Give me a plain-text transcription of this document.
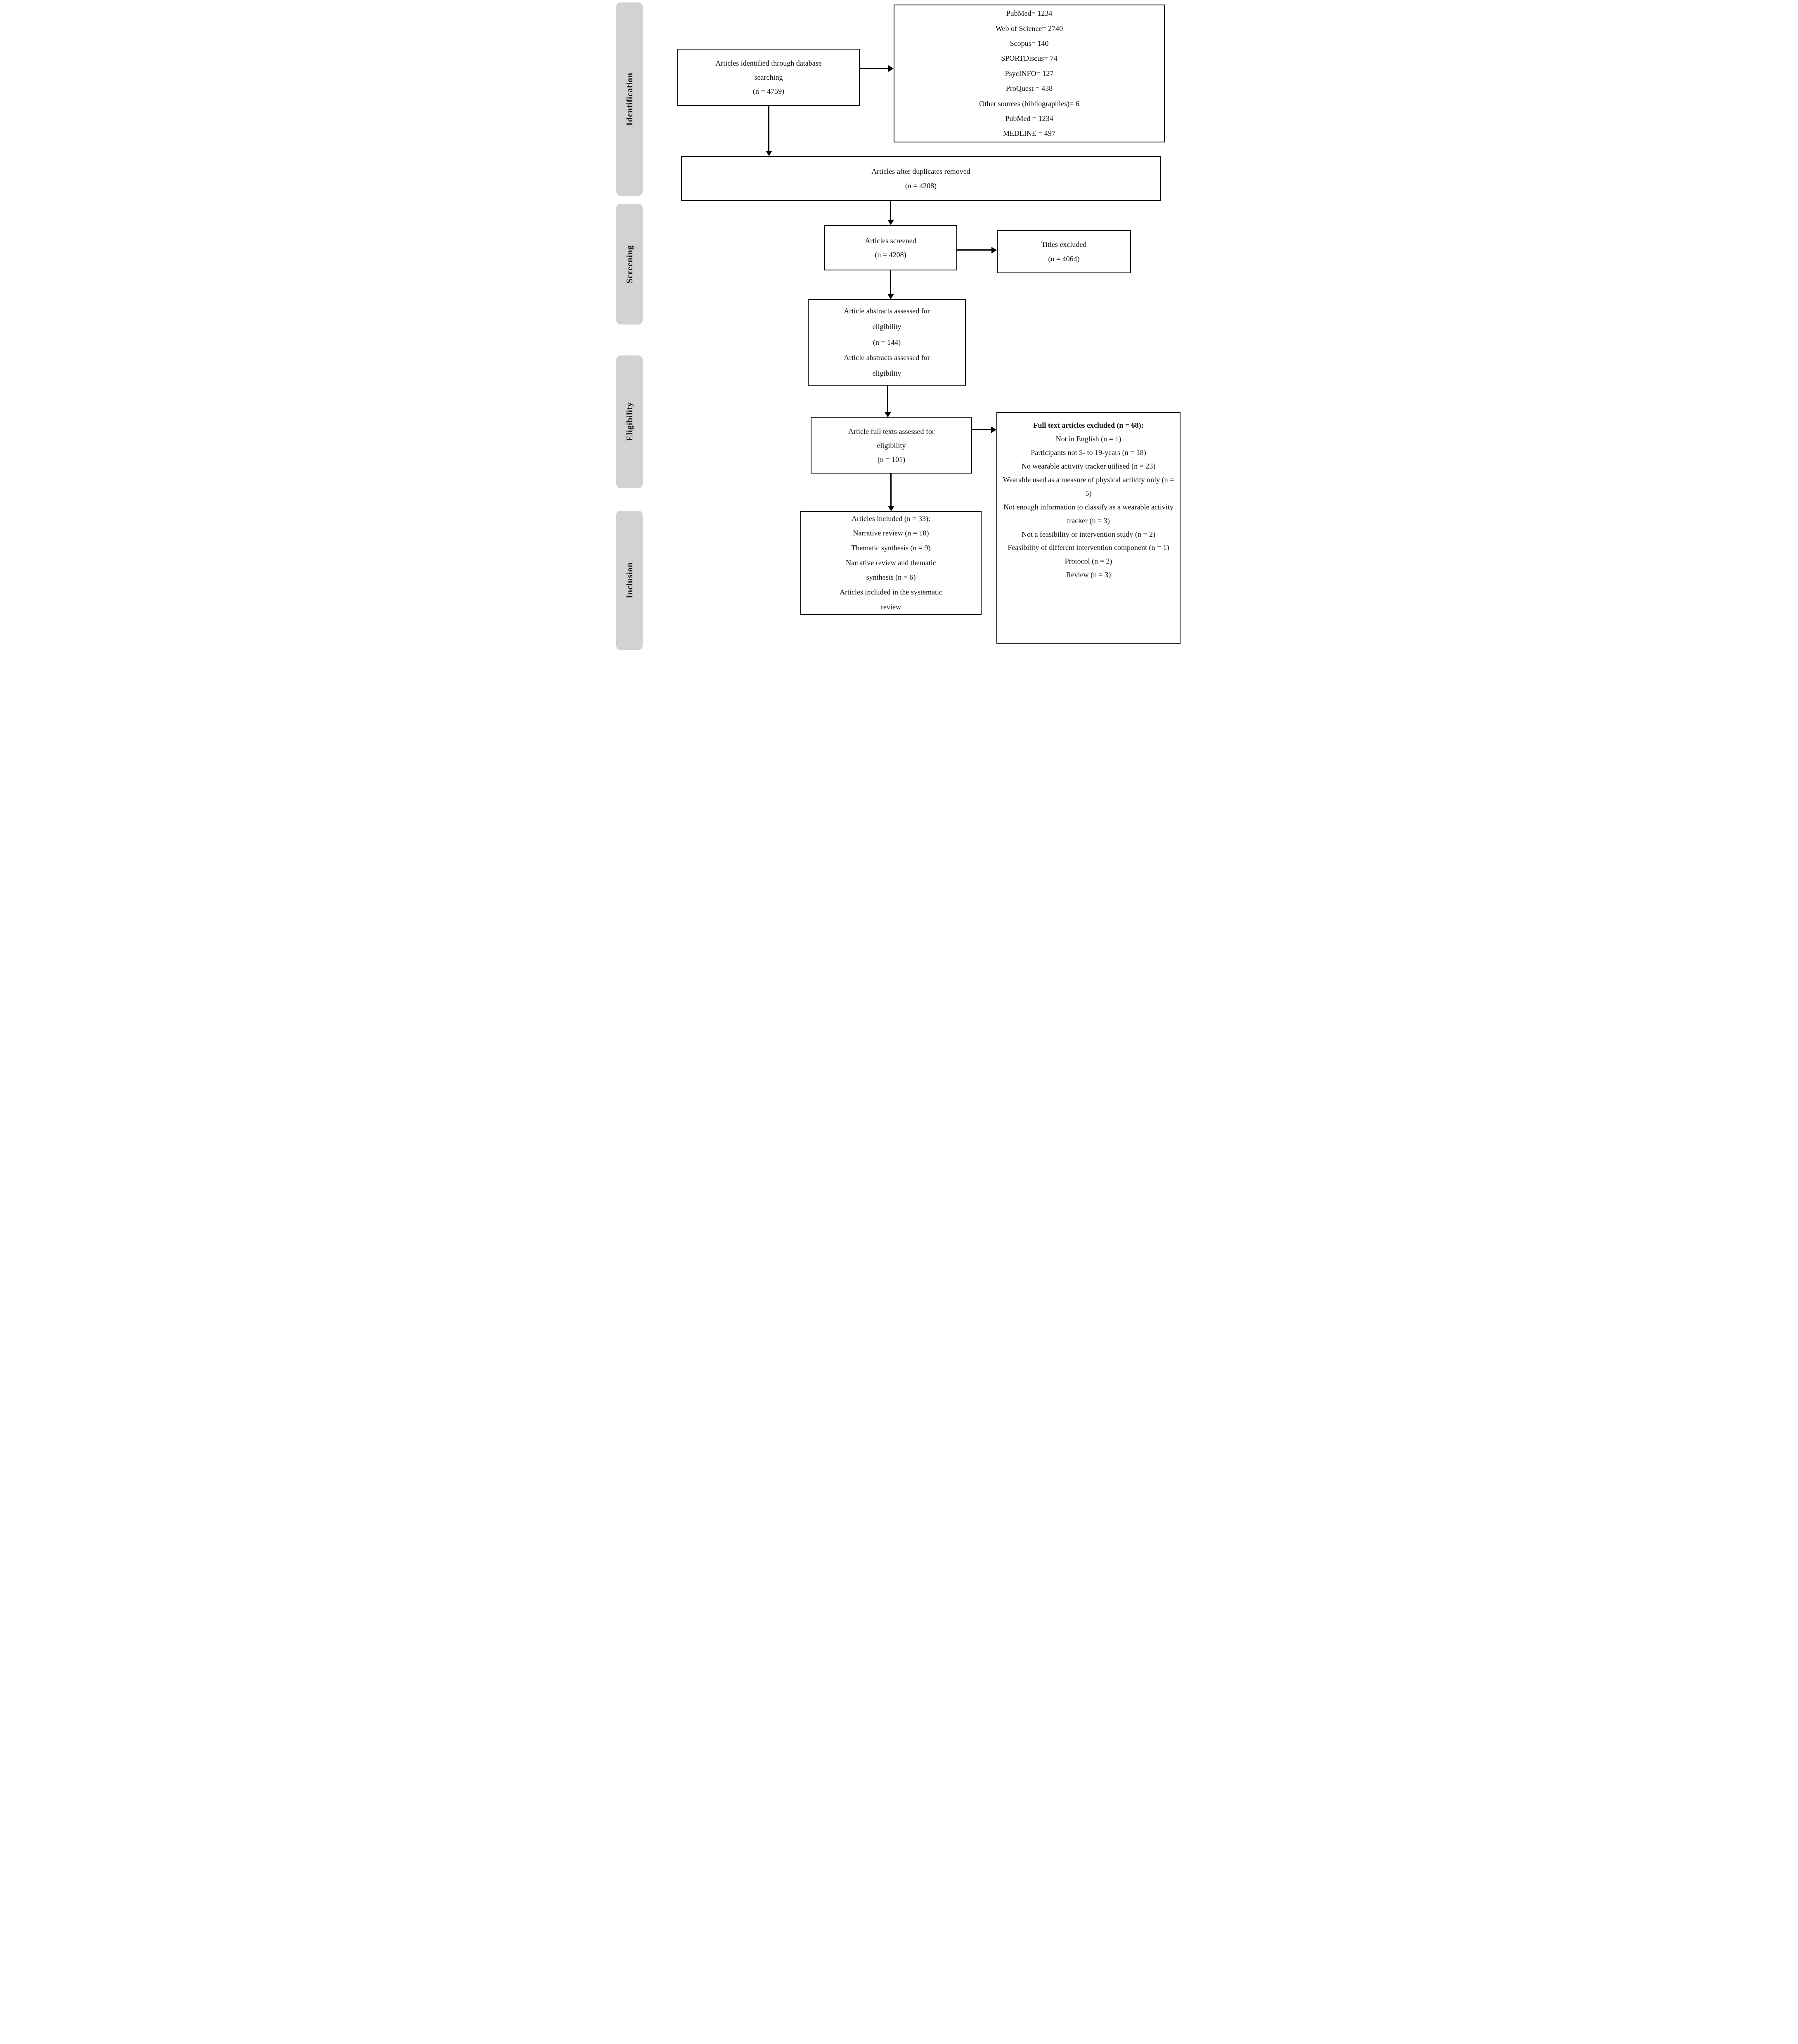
Identification
Screening
Eligibility
Inclusion
Articles identified through database
searching
(n = 4759)
PubMed= 1234
Web of Science= 2740
Scopus= 140
SPORTDiscus= 74
PsycINFO= 127
ProQuest = 438
Other sources (bibliographies)= 6
PubMed = 1234
MEDLINE = 497
Articles after duplicates removed
(n = 4208)
Articles screened
(n = 4208)
Titles excluded
(n = 4064)
Article abstracts assessed for
eligibility
(n = 144)
Article abstracts assessed for
eligibility
Article full texts assessed for
eligibility
(n = 101)
Full text articles excluded (n = 68):
Not in English (n = 1)
Participants not 5- to 19-years (n = 18)
No wearable activity tracker utilised (n = 23)
Wearable used as a measure of physical activity only (n = 5)
Not enough information to classify as a wearable activity tracker (n = 3)
Not a feasibility or intervention study (n = 2)
Feasibility of different intervention component (n = 1)
Protocol (n = 2)
Review (n = 3)
Articles included (n = 33):
Narrative review (n = 18)
Thematic synthesis (n = 9)
Narrative review and thematic
synthesis (n = 6)
Articles included in the systematic
review
